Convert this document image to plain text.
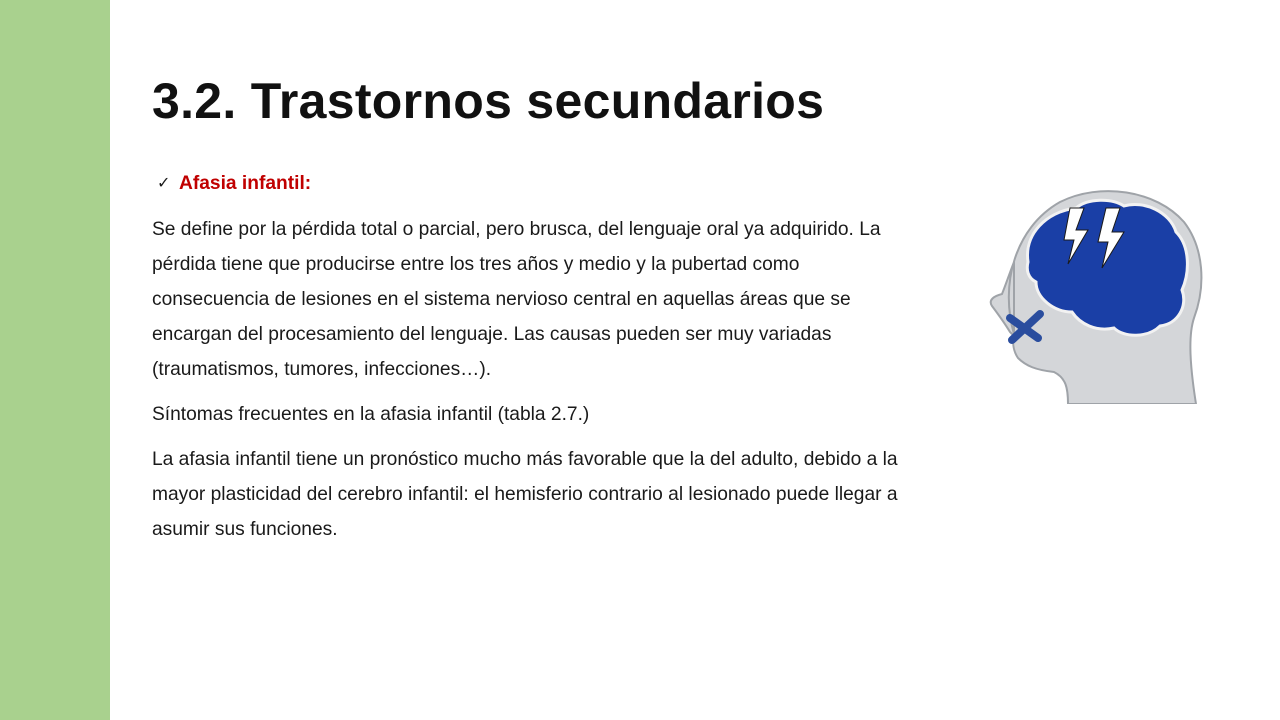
3.2. Trastornos secundarios
✓ Afasia infantil:

Se define por la pérdida total o parcial, pero brusca, del lenguaje oral ya adquirido. La pérdida tiene que producirse entre los tres años y medio y la pubertad como consecuencia de lesiones en el sistema nervioso central en aquellas áreas que se encargan del procesamiento del lenguaje. Las causas pueden ser muy variadas (traumatismos, tumores, infecciones…).

Síntomas frecuentes en la afasia infantil (tabla 2.7.)

La afasia infantil tiene un pronóstico mucho más favorable que la del adulto, debido a la mayor plasticidad del cerebro infantil: el hemisferio contrario al lesionado puede llegar a asumir sus funciones.
